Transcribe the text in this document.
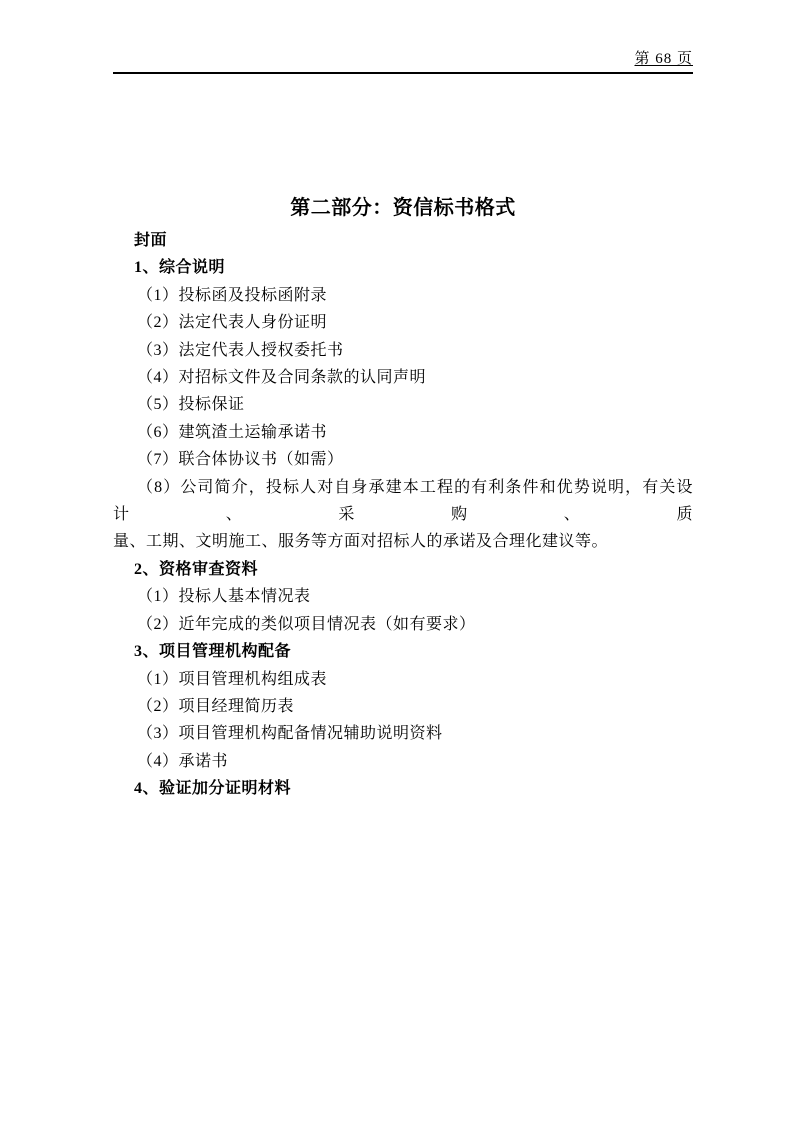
第 68 页
第二部分：资信标书格式

封面

1、综合说明

（1）投标函及投标函附录

（2）法定代表人身份证明

（3）法定代表人授权委托书

（4）对招标文件及合同条款的认同声明

（5）投标保证

（6）建筑渣土运输承诺书

（7）联合体协议书（如需）

（8）公司简介，投标人对自身承建本工程的有利条件和优势说明，有关设计、采购、质

量、工期、文明施工、服务等方面对招标人的承诺及合理化建议等。

2、资格审查资料

（1）投标人基本情况表

（2）近年完成的类似项目情况表（如有要求）

3、项目管理机构配备

（1）项目管理机构组成表

（2）项目经理简历表

（3）项目管理机构配备情况辅助说明资料

（4）承诺书

4、验证加分证明材料
